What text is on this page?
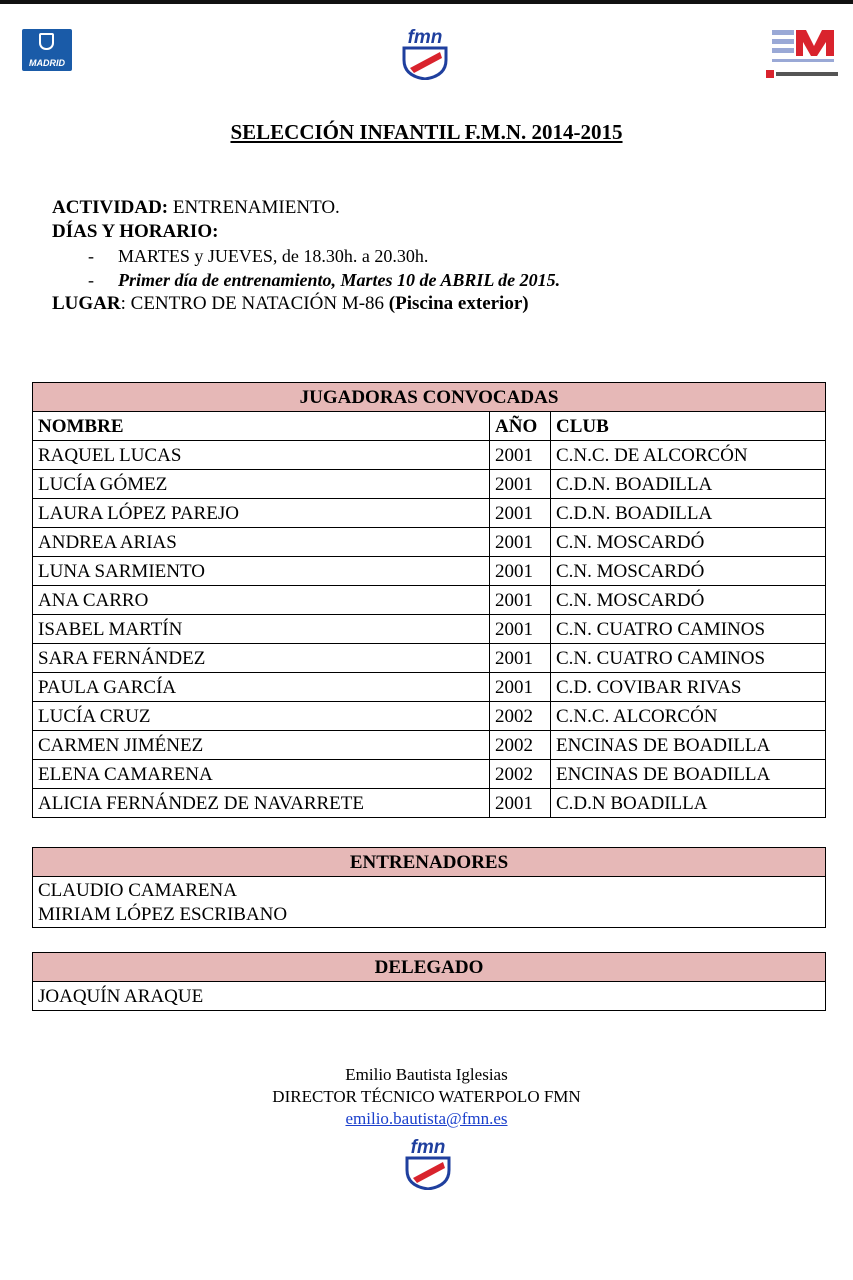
MADRID
fmn
SELECCIÓN INFANTIL F.M.N. 2014-2015
ACTIVIDAD: ENTRENAMIENTO.
DÍAS Y HORARIO:
- MARTES y JUEVES, de 18.30h. a 20.30h.
- Primer día de entrenamiento, Martes 10 de ABRIL de 2015.
LUGAR: CENTRO DE NATACIÓN M-86 (Piscina exterior)
JUGADORAS CONVOCADAS		
NOMBRE	AÑO	CLUB
RAQUEL LUCAS	2001	C.N.C. DE ALCORCÓN
LUCÍA GÓMEZ	2001	C.D.N. BOADILLA
LAURA LÓPEZ PAREJO	2001	C.D.N. BOADILLA
ANDREA ARIAS	2001	C.N. MOSCARDÓ
LUNA SARMIENTO	2001	C.N. MOSCARDÓ
ANA CARRO	2001	C.N. MOSCARDÓ
ISABEL MARTÍN	2001	C.N. CUATRO CAMINOS
SARA FERNÁNDEZ	2001	C.N. CUATRO CAMINOS
PAULA GARCÍA	2001	C.D. COVIBAR RIVAS
LUCÍA CRUZ	2002	C.N.C. ALCORCÓN
CARMEN JIMÉNEZ	2002	ENCINAS DE BOADILLA
ELENA CAMARENA	2002	ENCINAS DE BOADILLA
ALICIA FERNÁNDEZ DE NAVARRETE	2001	C.D.N BOADILLA
ENTRENADORES

CLAUDIO CAMARENA
MIRIAM LÓPEZ ESCRIBANO
DELEGADO
JOAQUÍN ARAQUE
Emilio Bautista Iglesias
DIRECTOR TÉCNICO WATERPOLO FMN
emilio.bautista@fmn.es
fmn
